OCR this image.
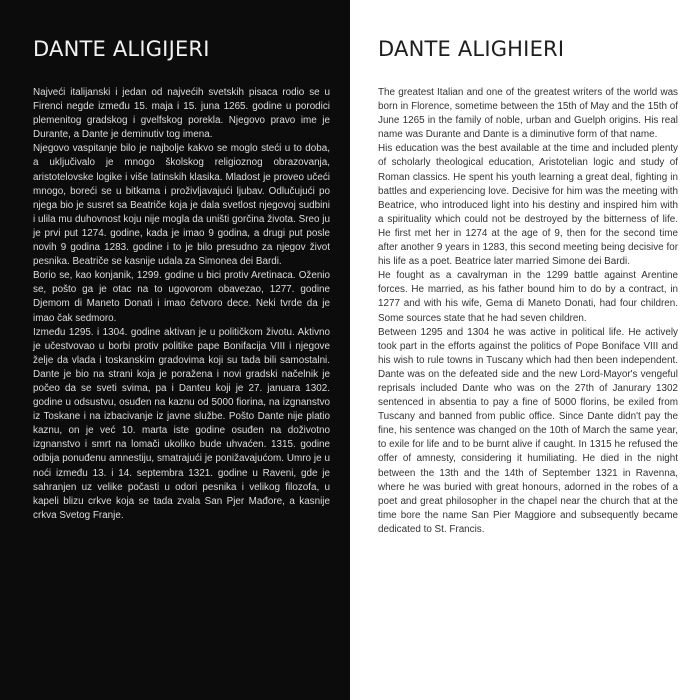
DANTE ALIGIJERI

Najveći italijanski i jedan od najvećih svetskih pisaca rodio se u Firenci negde između 15. maja i 15. juna 1265. godine u porodici plemenitog gradskog i gvelfskog porekla. Njegovo pravo ime je Durante, a Dante je deminutiv tog imena.

Njegovo vaspitanje bilo je najbolje kakvo se moglo steći u to doba, a uključivalo je mnogo školskog religioznog obrazovanja, aristotelovske logike i više latinskih klasika. Mladost je proveo učeći mnogo, boreći se u bitkama i proživljavajući ljubav. Odlučujući po njega bio je susret sa Beatriče koja je dala svetlost njegovoj sudbini i ulila mu duhovnost koju nije mogla da uništi gorčina života. Sreo ju je prvi put 1274. godine, kada je imao 9 godina, a drugi put posle novih 9 godina 1283. godine i to je bilo presudno za njegov život pesnika. Beatriče se kasnije udala za Simonea dei Bardi.

Borio se, kao konjanik, 1299. godine u bici protiv Aretinaca. Oženio se, pošto ga je otac na to ugovorom obavezao, 1277. godine Djemom di Maneto Donati i imao četvoro dece. Neki tvrde da je imao čak sedmoro.

Između 1295. i 1304. godine aktivan je u političkom životu. Aktivno je učestvovao u borbi protiv politike pape Bonifacija VIII i njegove želje da vlada i toskanskim gradovima koji su tada bili samostalni. Dante je bio na strani koja je poražena i novi gradski načelnik je počeo da se sveti svima, pa i Danteu koji je 27. januara 1302. godine u odsustvu, osuđen na kaznu od 5000 fiorina, na izgnanstvo iz Toskane i na izbacivanje iz javne službe. Pošto Dante nije platio kaznu, on je već 10. marta iste godine osuđen na doživotno izgnanstvo i smrt na lomači ukoliko bude uhvaćen. 1315. godine odbija ponuđenu amnestiju, smatrajući je ponižavajućom. Umro je u noći između 13. i 14. septembra 1321. godine u Raveni, gde je sahranjen uz velike počasti u odori pesnika i velikog filozofa, u kapeli blizu crkve koja se tada zvala San Pjer Mađore, a kasnije crkva Svetog Franje.

DANTE ALIGHIERI

The greatest Italian and one of the greatest writers of the world was born in Florence, sometime between the 15th of May and the 15th of June 1265 in the family of noble, urban and Guelph origins. His real name was Durante and Dante is a diminutive form of that name.

His education was the best available at the time and included plenty of scholarly theological education, Aristotelian logic and study of Roman classics. He spent his youth learning a great deal, fighting in battles and experiencing love. Decisive for him was the meeting with Beatrice, who introduced light into his destiny and inspired him with a spirituality which could not be destroyed by the bitterness of life. He first met her in 1274 at the age of 9, then for the second time after another 9 years in 1283, this second meeting being decisive for his life as a poet. Beatrice later married Simone dei Bardi.

He fought as a cavalryman in the 1299 battle against Arentine forces. He married, as his father bound him to do by a contract, in 1277 and with his wife, Gema di Maneto Donati, had four children. Some sources state that he had seven children.

Between 1295 and 1304 he was active in political life. He actively took part in the efforts against the politics of Pope Boniface VIII and his wish to rule towns in Tuscany which had then been independent. Dante was on the defeated side and the new Lord-Mayor's vengeful reprisals included Dante who was on the 27th of Janurary 1302 sentenced in absentia to pay a fine of 5000 florins, be exiled from Tuscany and banned from public office. Since Dante didn't pay the fine, his sentence was changed on the 10th of March the same year, to exile for life and to be burnt alive if caught. In 1315 he refused the offer of amnesty, considering it humiliating. He died in the night between the 13th and the 14th of September 1321 in Ravenna, where he was buried with great honours, adorned in the robes of a poet and great philosopher in the chapel near the church that at the time bore the name San Pier Maggiore and subsequently became dedicated to St. Francis.
